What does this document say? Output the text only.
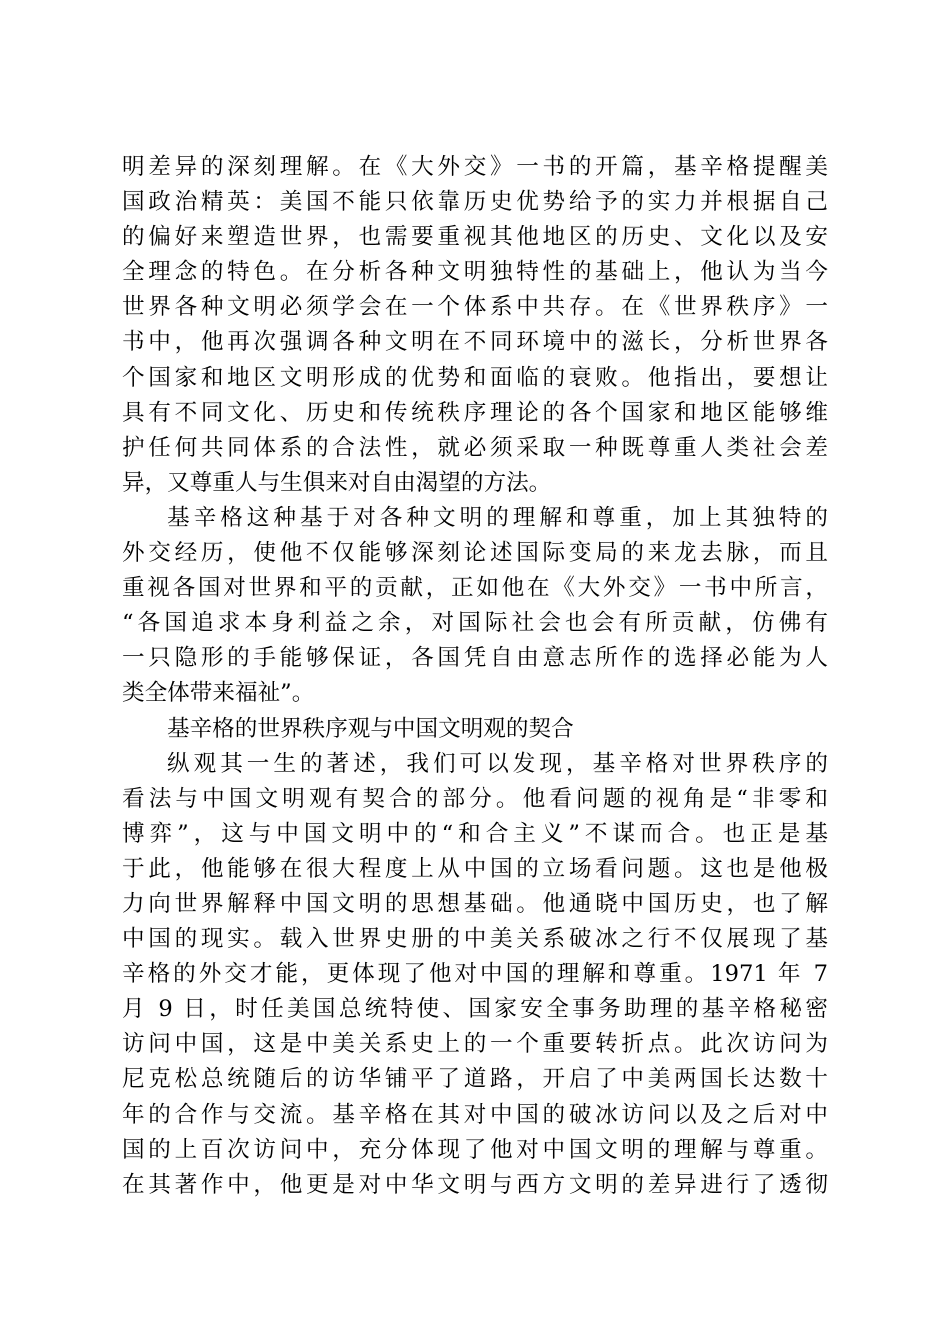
明差异的深刻理解。在《大外交》一书的开篇，基辛格提醒美
国政治精英：美国不能只依靠历史优势给予的实力并根据自己
的偏好来塑造世界，也需要重视其他地区的历史、文化以及安
全理念的特色。在分析各种文明独特性的基础上，他认为当今
世界各种文明必须学会在一个体系中共存。在《世界秩序》一
书中，他再次强调各种文明在不同环境中的滋长，分析世界各
个国家和地区文明形成的优势和面临的衰败。他指出，要想让
具有不同文化、历史和传统秩序理论的各个国家和地区能够维
护任何共同体系的合法性，就必须采取一种既尊重人类社会差
异，又尊重人与生俱来对自由渴望的方法。
基辛格这种基于对各种文明的理解和尊重，加上其独特的
外交经历，使他不仅能够深刻论述国际变局的来龙去脉，而且
重视各国对世界和平的贡献，正如他在《大外交》一书中所言，
“各国追求本身利益之余，对国际社会也会有所贡献，仿佛有
一只隐形的手能够保证，各国凭自由意志所作的选择必能为人
类全体带来福祉”。
基辛格的世界秩序观与中国文明观的契合
纵观其一生的著述，我们可以发现，基辛格对世界秩序的
看法与中国文明观有契合的部分。他看问题的视角是“非零和
博弈”，这与中国文明中的“和合主义”不谋而合。也正是基
于此，他能够在很大程度上从中国的立场看问题。这也是他极
力向世界解释中国文明的思想基础。他通晓中国历史，也了解
中国的现实。载入世界史册的中美关系破冰之行不仅展现了基
辛格的外交才能，更体现了他对中国的理解和尊重。1971 年 7
月 9 日，时任美国总统特使、国家安全事务助理的基辛格秘密
访问中国，这是中美关系史上的一个重要转折点。此次访问为
尼克松总统随后的访华铺平了道路，开启了中美两国长达数十
年的合作与交流。基辛格在其对中国的破冰访问以及之后对中
国的上百次访问中，充分体现了他对中国文明的理解与尊重。
在其著作中，他更是对中华文明与西方文明的差异进行了透彻
